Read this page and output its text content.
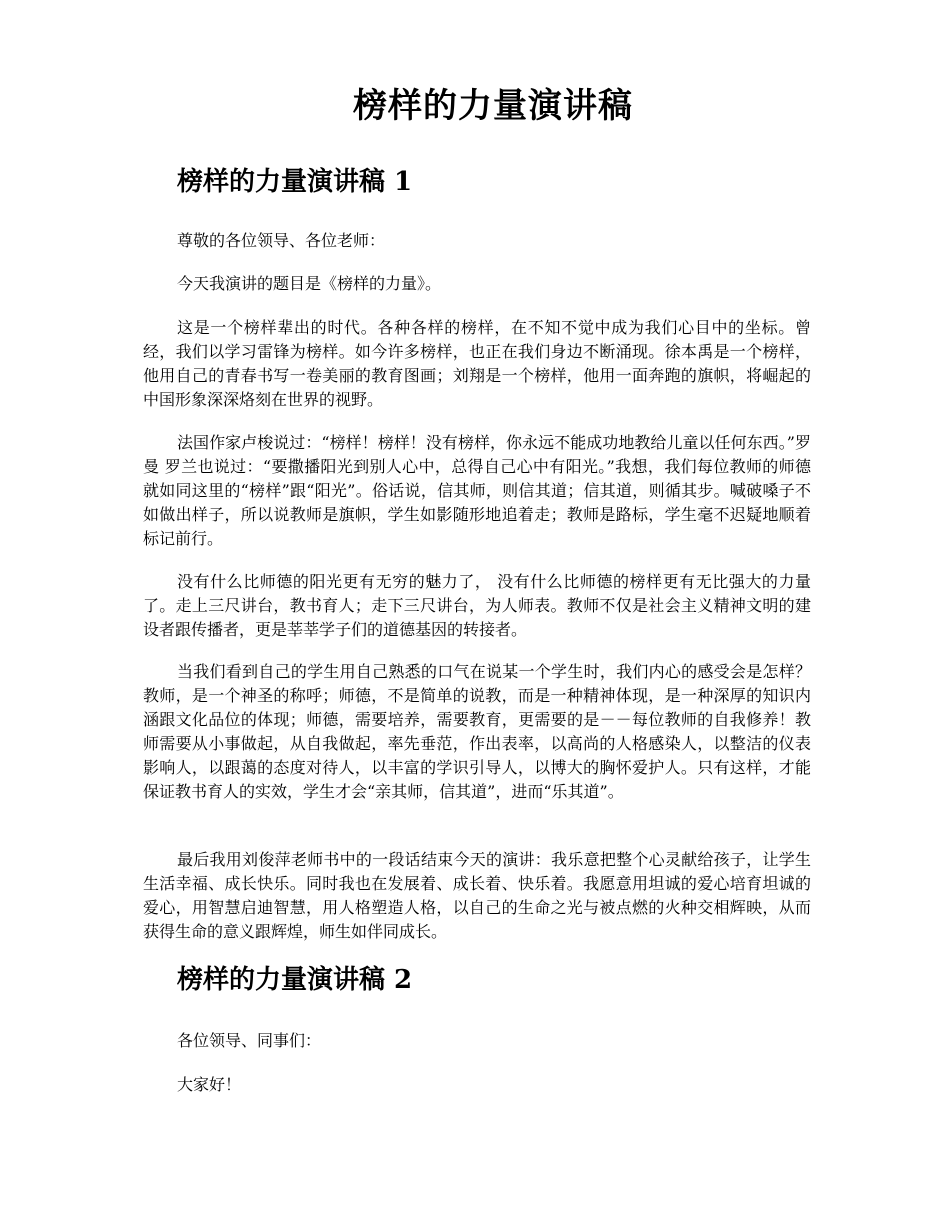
榜样的力量演讲稿
榜样的力量演讲稿 1

尊敬的各位领导、各位老师：

今天我演讲的题目是《榜样的力量》。

这是一个榜样辈出的时代。各种各样的榜样，在不知不觉中成为我们心目中的坐标。曾经，我们以学习雷锋为榜样。如今许多榜样，也正在我们身边不断涌现。徐本禹是一个榜样，他用自己的青春书写一卷美丽的教育图画；刘翔是一个榜样，他用一面奔跑的旗帜，将崛起的中国形象深深烙刻在世界的视野。

法国作家卢梭说过：“榜样！榜样！没有榜样，你永远不能成功地教给儿童以任何东西。”罗曼 罗兰也说过：“要撒播阳光到别人心中，总得自己心中有阳光。”我想，我们每位教师的师德就如同这里的“榜样”跟“阳光”。俗话说，信其师，则信其道；信其道，则循其步。喊破嗓子不如做出样子，所以说教师是旗帜，学生如影随形地追着走；教师是路标，学生毫不迟疑地顺着标记前行。

没有什么比师德的阳光更有无穷的魅力了， 没有什么比师德的榜样更有无比强大的力量了。走上三尺讲台，教书育人；走下三尺讲台，为人师表。教师不仅是社会主义精神文明的建设者跟传播者，更是莘莘学子们的道德基因的转接者。

当我们看到自己的学生用自己熟悉的口气在说某一个学生时，我们内心的感受会是怎样？教师，是一个神圣的称呼；师德，不是简单的说教，而是一种精神体现，是一种深厚的知识内涵跟文化品位的体现；师德，需要培养，需要教育，更需要的是－－每位教师的自我修养！教师需要从小事做起，从自我做起，率先垂范，作出表率，以高尚的人格感染人，以整洁的仪表影响人，以跟蔼的态度对待人，以丰富的学识引导人，以博大的胸怀爱护人。只有这样，才能保证教书育人的实效，学生才会“亲其师，信其道”，进而“乐其道”。

最后我用刘俊萍老师书中的一段话结束今天的演讲：我乐意把整个心灵献给孩子，让学生生活幸福、成长快乐。同时我也在发展着、成长着、快乐着。我愿意用坦诚的爱心培育坦诚的爱心，用智慧启迪智慧，用人格塑造人格，以自己的生命之光与被点燃的火种交相辉映，从而获得生命的意义跟辉煌，师生如伴同成长。

榜样的力量演讲稿 2

各位领导、同事们：

大家好！
